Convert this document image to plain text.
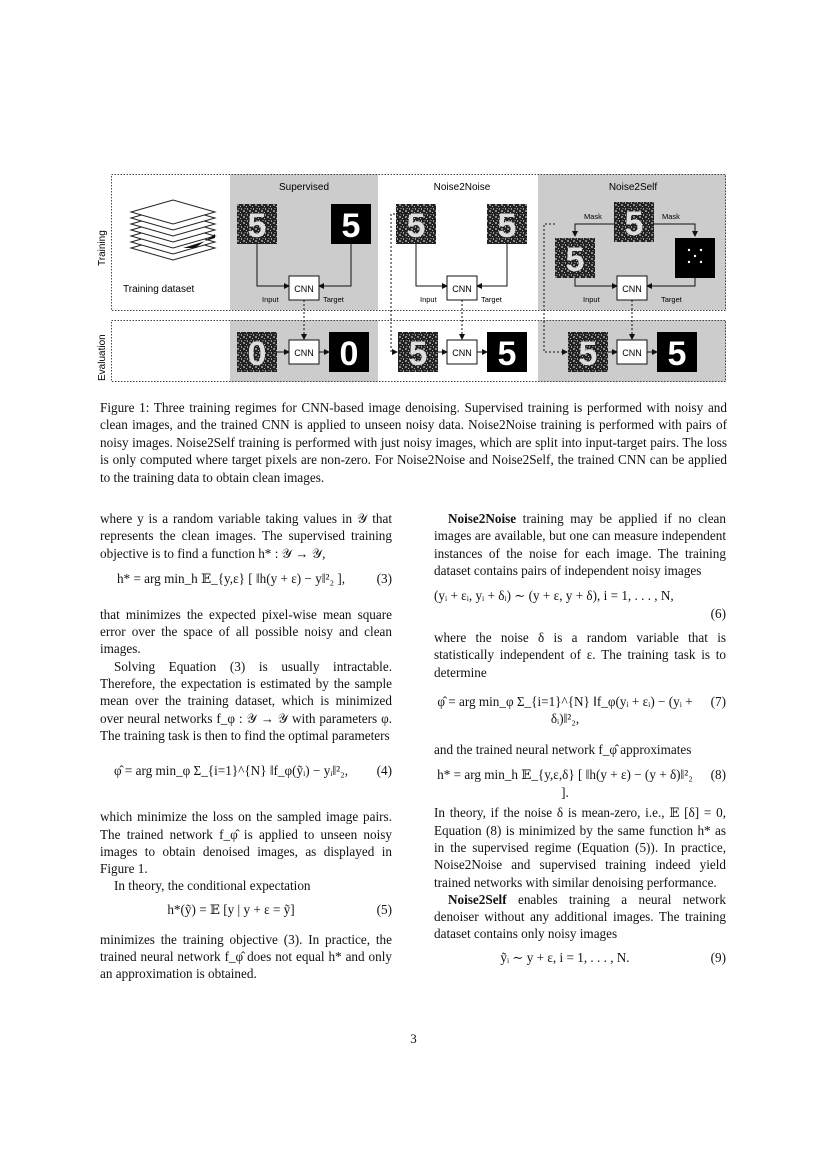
Training
Evaluation
Training dataset
Supervised	Noise2Noise	Noise2Self
5 5
CNN
Input	Target
5 5
CNN
Input	Target
5
Mask	Mask
5
CNN
Input	Target
0	CNN 0 5	CNN 5 5	CNN 5
Figure 1: Three training regimes for CNN-based image denoising. Supervised training is performed with noisy and clean images, and the trained CNN is applied to unseen noisy data. Noise2Noise training is performed with pairs of noisy images. Noise2Self training is performed with just noisy images, which are split into input-target pairs. The loss is only computed where target pixels are non-zero. For Noise2Noise and Noise2Self, the trained CNN can be applied to the training data to obtain clean images.

where y is a random variable taking values in 𝒴 that represents the clean images. The supervised training objective is to find a function h* : 𝒴 → 𝒴,

h* = arg min_h 𝔼_{y,ε} [ ‖h(y + ε) − y‖²₂ ],	(3)

that minimizes the expected pixel-wise mean square error over the space of all possible noisy and clean images.

Solving Equation (3) is usually intractable. Therefore, the expectation is estimated by the sample mean over the training dataset, which is minimized over neural networks f_φ : 𝒴 → 𝒴 with parameters φ. The training task is then to find the optimal parameters

φ̂ = arg min_φ Σ_{i=1}^{N} ‖f_φ(ỹᵢ) − yᵢ‖²₂,	(4)

which minimize the loss on the sampled image pairs. The trained network f_φ̂ is applied to unseen noisy images to obtain denoised images, as displayed in Figure 1.

In theory, the conditional expectation

h*(ỹ) = 𝔼 [y | y + ε = ỹ]	(5)

minimizes the training objective (3). In practice, the trained neural network f_φ̂ does not equal h* and only an approximation is obtained.

Noise2Noise training may be applied if no clean images are available, but one can measure independent instances of the noise for each image. The training dataset contains pairs of independent noisy images

(yᵢ + εᵢ, yᵢ + δᵢ) ∼ (y + ε, y + δ), i = 1, . . . , N,
(6)

where the noise δ is a random variable that is statistically independent of ε. The training task is to determine

φ̂ = arg min_φ Σ_{i=1}^{N} ‖f_φ(yᵢ + εᵢ) − (yᵢ + δᵢ)‖²₂,
(7)

and the trained neural network f_φ̂ approximates

h* = arg min_h 𝔼_{y,ε,δ} [ ‖h(y + ε) − (y + δ)‖²₂ ].
(8)

In theory, if the noise δ is mean-zero, i.e., 𝔼 [δ] = 0, Equation (8) is minimized by the same function h* as in the supervised regime (Equation (5)). In practice, Noise2Noise and supervised training indeed yield trained networks with similar denoising performance.

Noise2Self enables training a neural network denoiser without any additional images. The training dataset contains only noisy images

ỹᵢ ∼ y + ε, i = 1, . . . , N.	(9)
3
